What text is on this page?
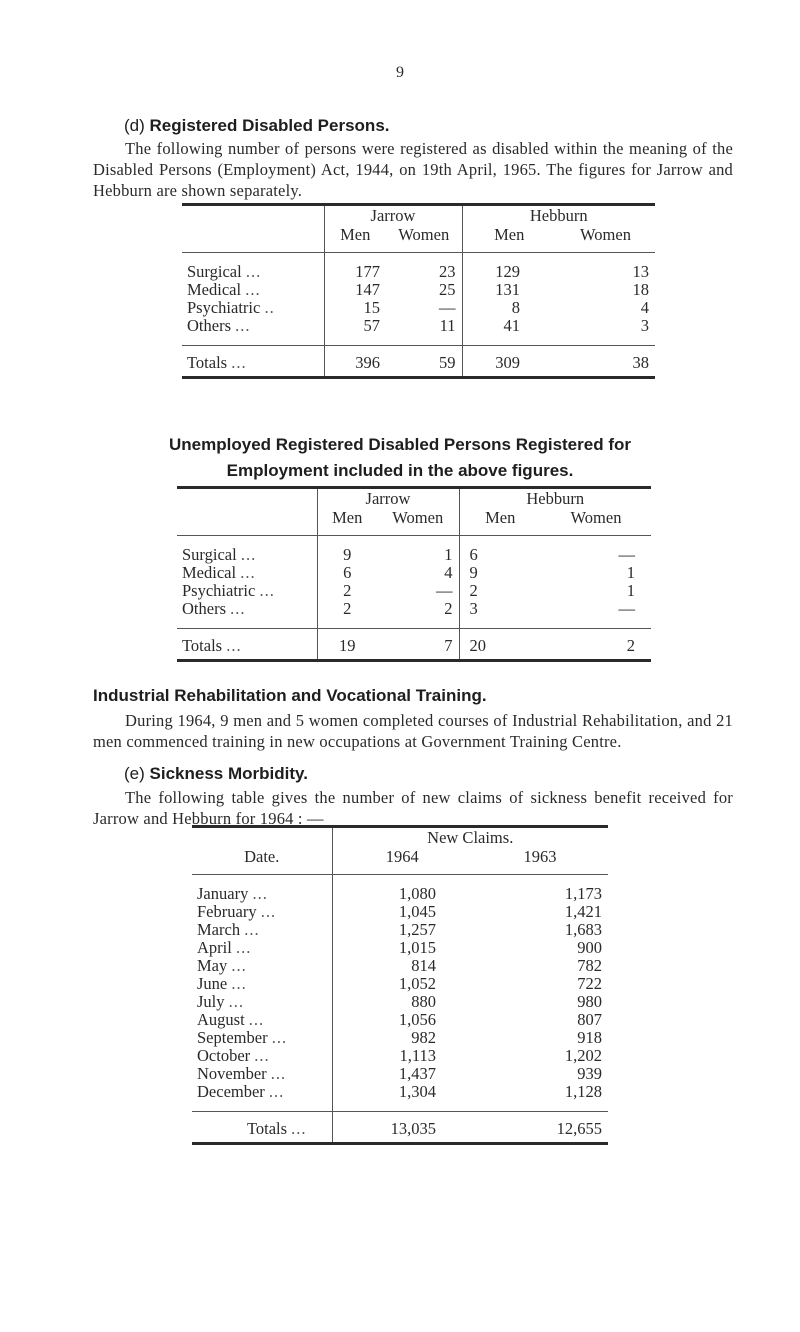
9
(d) Registered Disabled Persons.
The following number of persons were registered as disabled within the meaning of the Disabled Persons (Employment) Act, 1944, on 19th April, 1965. The figures for Jarrow and Hebburn are shown separately.
	Jarrow		Hebburn	
	Men	Women	Men	Women
Surgical ...	177	23	129	13
Medical ...	147	25	131	18
Psychiatric ..	15	—	8	4
Others ...	57	11	41	3
Totals ...	396	59	309	38
Unemployed Registered Disabled Persons Registered for
Employment included in the above figures.
	Jarrow		Hebburn	
	Men	Women	Men	Women
Surgical ...	9	1	6	—
Medical ...	6	4	9	1
Psychiatric ...	2	—	2	1
Others ...	2	2	3	—
Totals ...	19	7	20	2
Industrial Rehabilitation and Vocational Training.
During 1964, 9 men and 5 women completed courses of Industrial Rehabilitation, and 21 men commenced training in new occupations at Government Training Centre.
(e) Sickness Morbidity.
The following table gives the number of new claims of sickness benefit received for Jarrow and Hebburn for 1964 : —
Date.	New Claims.	
	1964	1963
January ...	1,080	1,173
February ...	1,045	1,421
March ...	1,257	1,683
April ...	1,015	900
May ...	814	782
June ...	1,052	722
July ...	880	980
August ...	1,056	807
September ...	982	918
October ...	1,113	1,202
November ...	1,437	939
December ...	1,304	1,128
Totals ...	13,035	12,655
